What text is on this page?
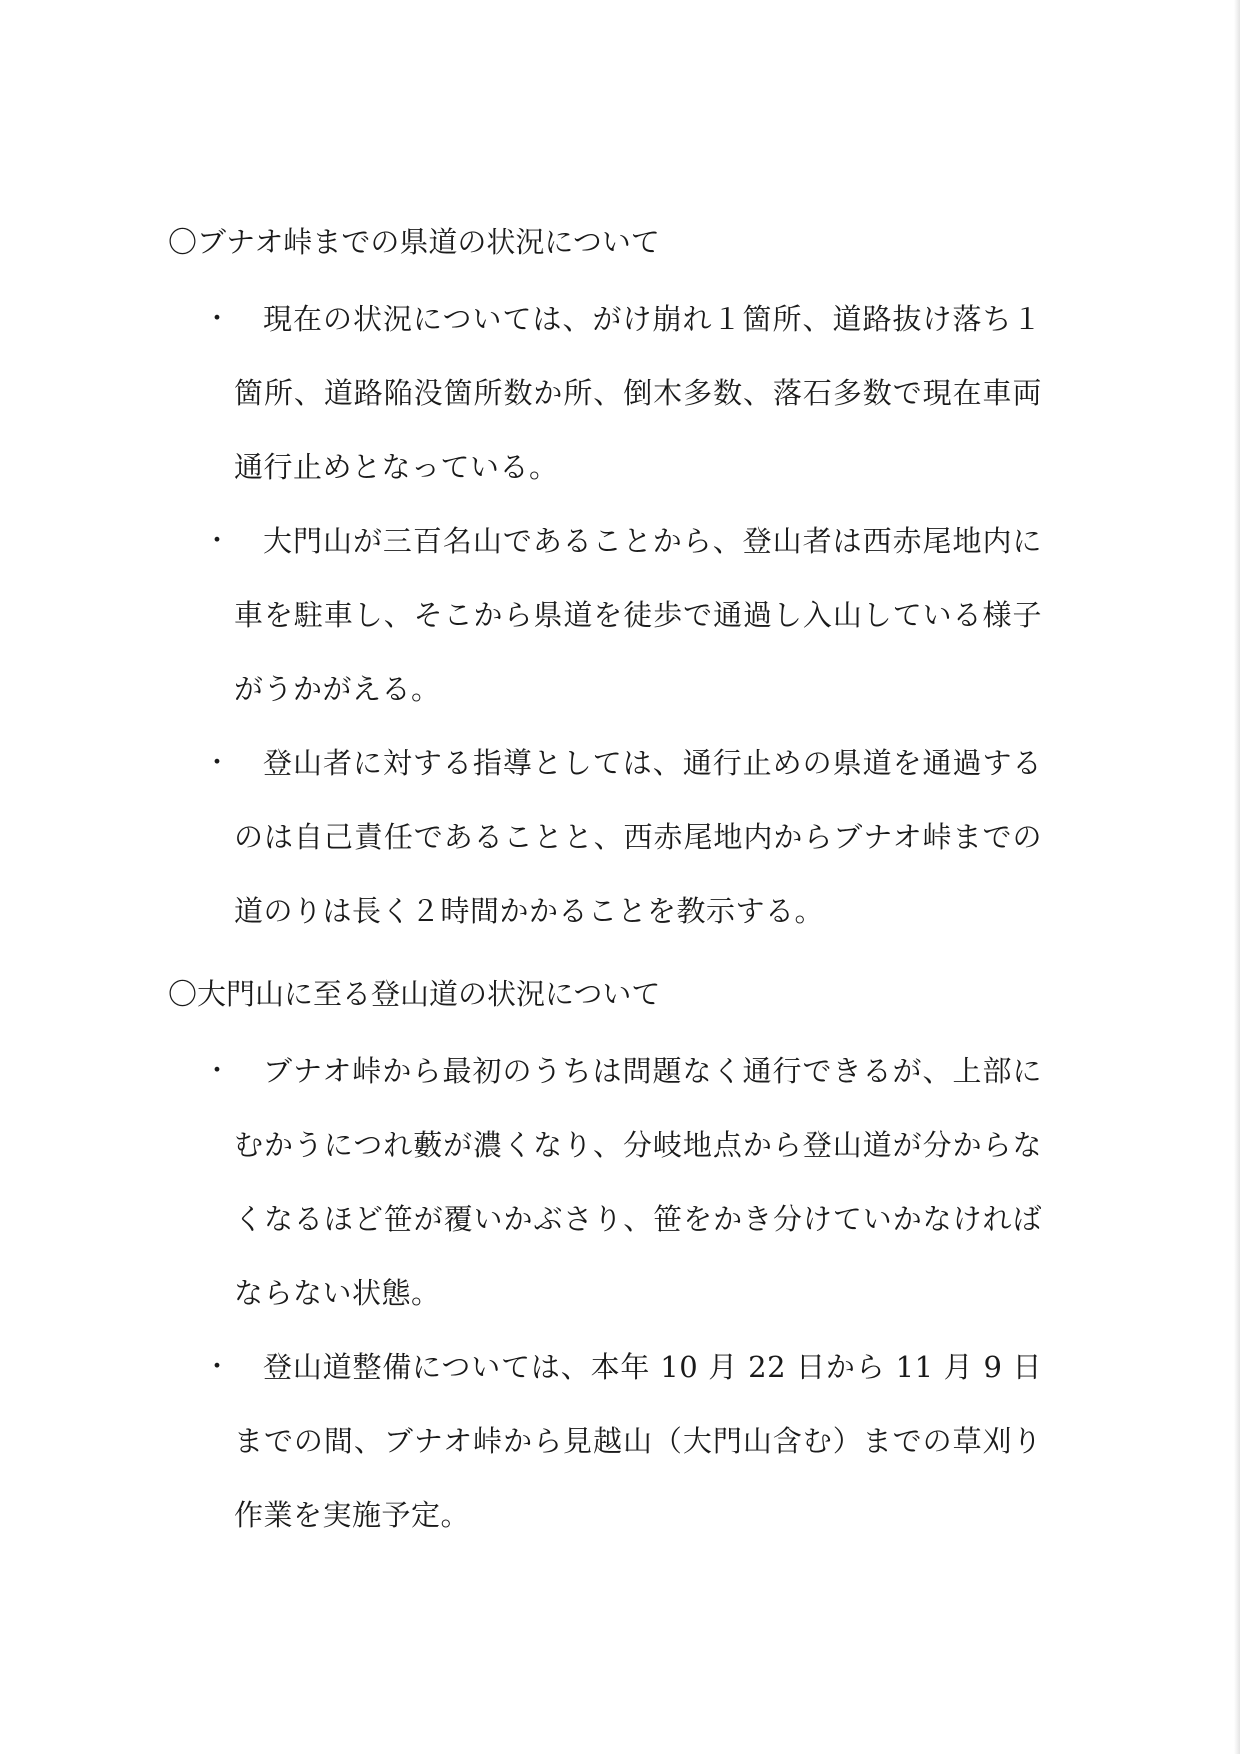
〇ブナオ峠までの県道の状況について
・	現在の状況については、がけ崩れ１箇所、道路抜け落ち１箇所、道路陥没箇所数か所、倒木多数、落石多数で現在車両通行止めとなっている。
・	大門山が三百名山であることから、登山者は西赤尾地内に車を駐車し、そこから県道を徒歩で通過し入山している様子がうかがえる。
・	登山者に対する指導としては、通行止めの県道を通過するのは自己責任であることと、西赤尾地内からブナオ峠までの道のりは長く２時間かかることを教示する。
〇大門山に至る登山道の状況について
・	ブナオ峠から最初のうちは問題なく通行できるが、上部にむかうにつれ藪が濃くなり、分岐地点から登山道が分からなくなるほど笹が覆いかぶさり、笹をかき分けていかなければならない状態。
・	登山道整備については、本年 10 月 22 日から 11 月 9 日までの間、ブナオ峠から見越山（大門山含む）までの草刈り作業を実施予定。
